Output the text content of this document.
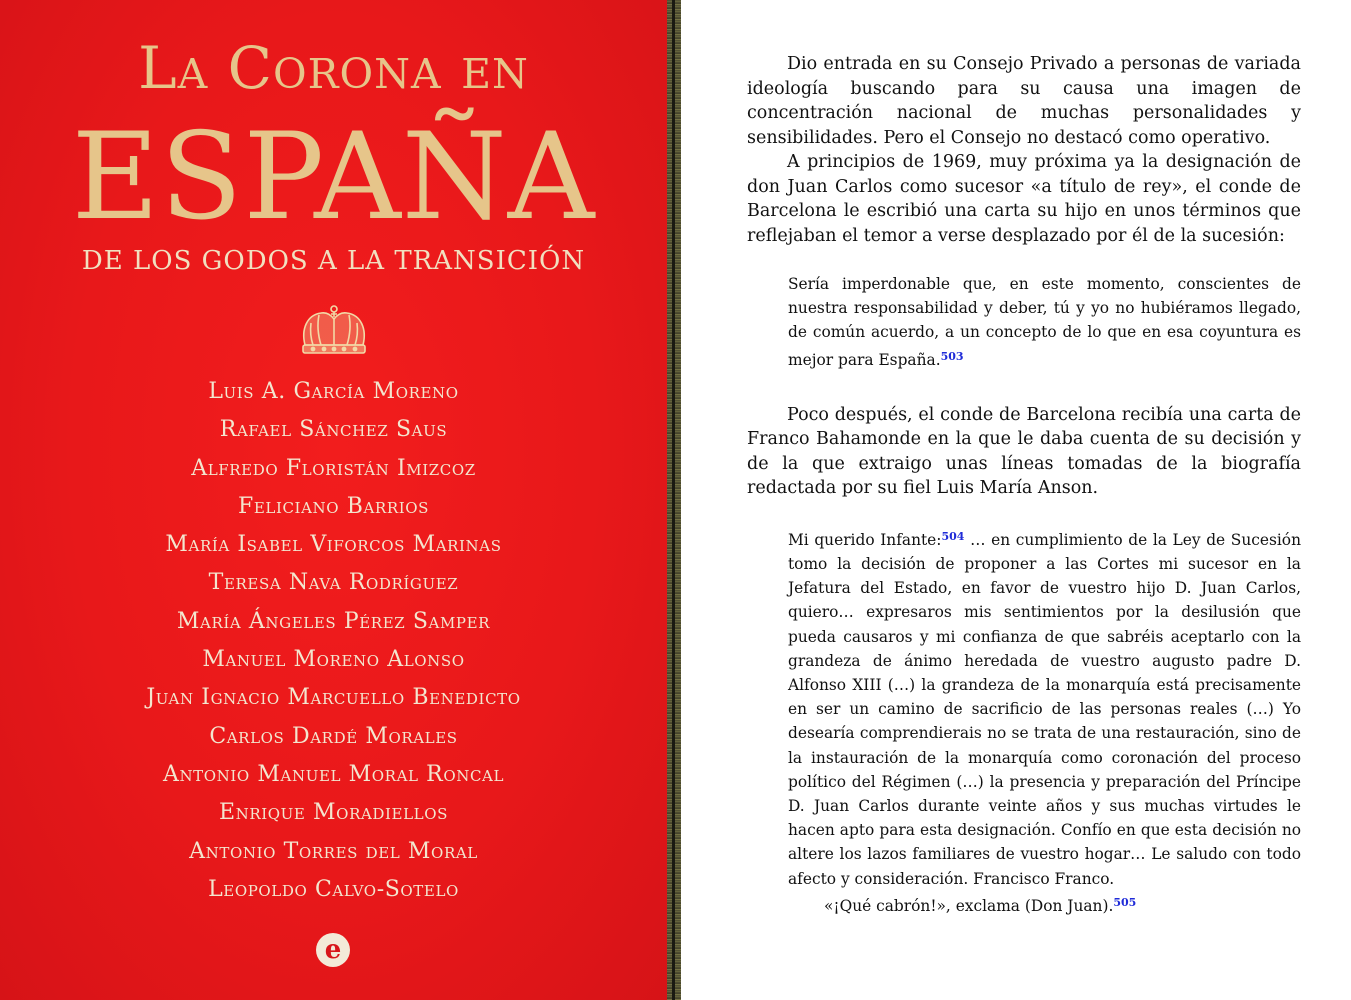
La Corona en
ESPAÑA
DE LOS GODOS A LA TRANSICIÓN
Luis A. García Moreno
Rafael Sánchez Saus
Alfredo Floristán Imizcoz
Feliciano Barrios
María Isabel Viforcos Marinas
Teresa Nava Rodríguez
María Ángeles Pérez Samper
Manuel Moreno Alonso
Juan Ignacio Marcuello Benedicto
Carlos Dardé Morales
Antonio Manuel Moral Roncal
Enrique Moradiellos
Antonio Torres del Moral
Leopoldo Calvo-Sotelo
e

Dio entrada en su Consejo Privado a personas de variada ideología buscando para su causa una imagen de concentración nacional de muchas personalidades y sensibilidades. Pero el Consejo no destacó como operativo.

A principios de 1969, muy próxima ya la designación de don Juan Carlos como sucesor «a título de rey», el conde de Barcelona le escribió una carta su hijo en unos términos que reflejaban el temor a verse desplazado por él de la sucesión:

Sería imperdonable que, en este momento, conscientes de nuestra responsabilidad y deber, tú y yo no hubiéramos llegado, de común acuerdo, a un concepto de lo que en esa coyuntura es mejor para España.$^{503}$

Poco después, el conde de Barcelona recibía una carta de Franco Bahamonde en la que le daba cuenta de su decisión y de la que extraigo unas líneas tomadas de la biografía redactada por su fiel Luis María Anson.

Mi querido Infante:$^{504}$ … en cumplimiento de la Ley de Sucesión tomo la decisión de proponer a las Cortes mi sucesor en la Jefatura del Estado, en favor de vuestro hijo D. Juan Carlos, quiero… expresaros mis sentimientos por la desilusión que pueda causaros y mi confianza de que sabréis aceptarlo con la grandeza de ánimo heredada de vuestro augusto padre D. Alfonso XIII (…) la grandeza de la monarquía está precisamente en ser un camino de sacrificio de las personas reales (…) Yo desearía comprendierais no se trata de una restauración, sino de la instauración de la monarquía como coronación del proceso político del Régimen (…) la presencia y preparación del Príncipe D. Juan Carlos durante veinte años y sus muchas virtudes le hacen apto para esta designación. Confío en que esta decisión no altere los lazos familiares de vuestro hogar… Le saludo con todo afecto y consideración. Francisco Franco.

«¡Qué cabrón!», exclama (Don Juan).$^{505}$
